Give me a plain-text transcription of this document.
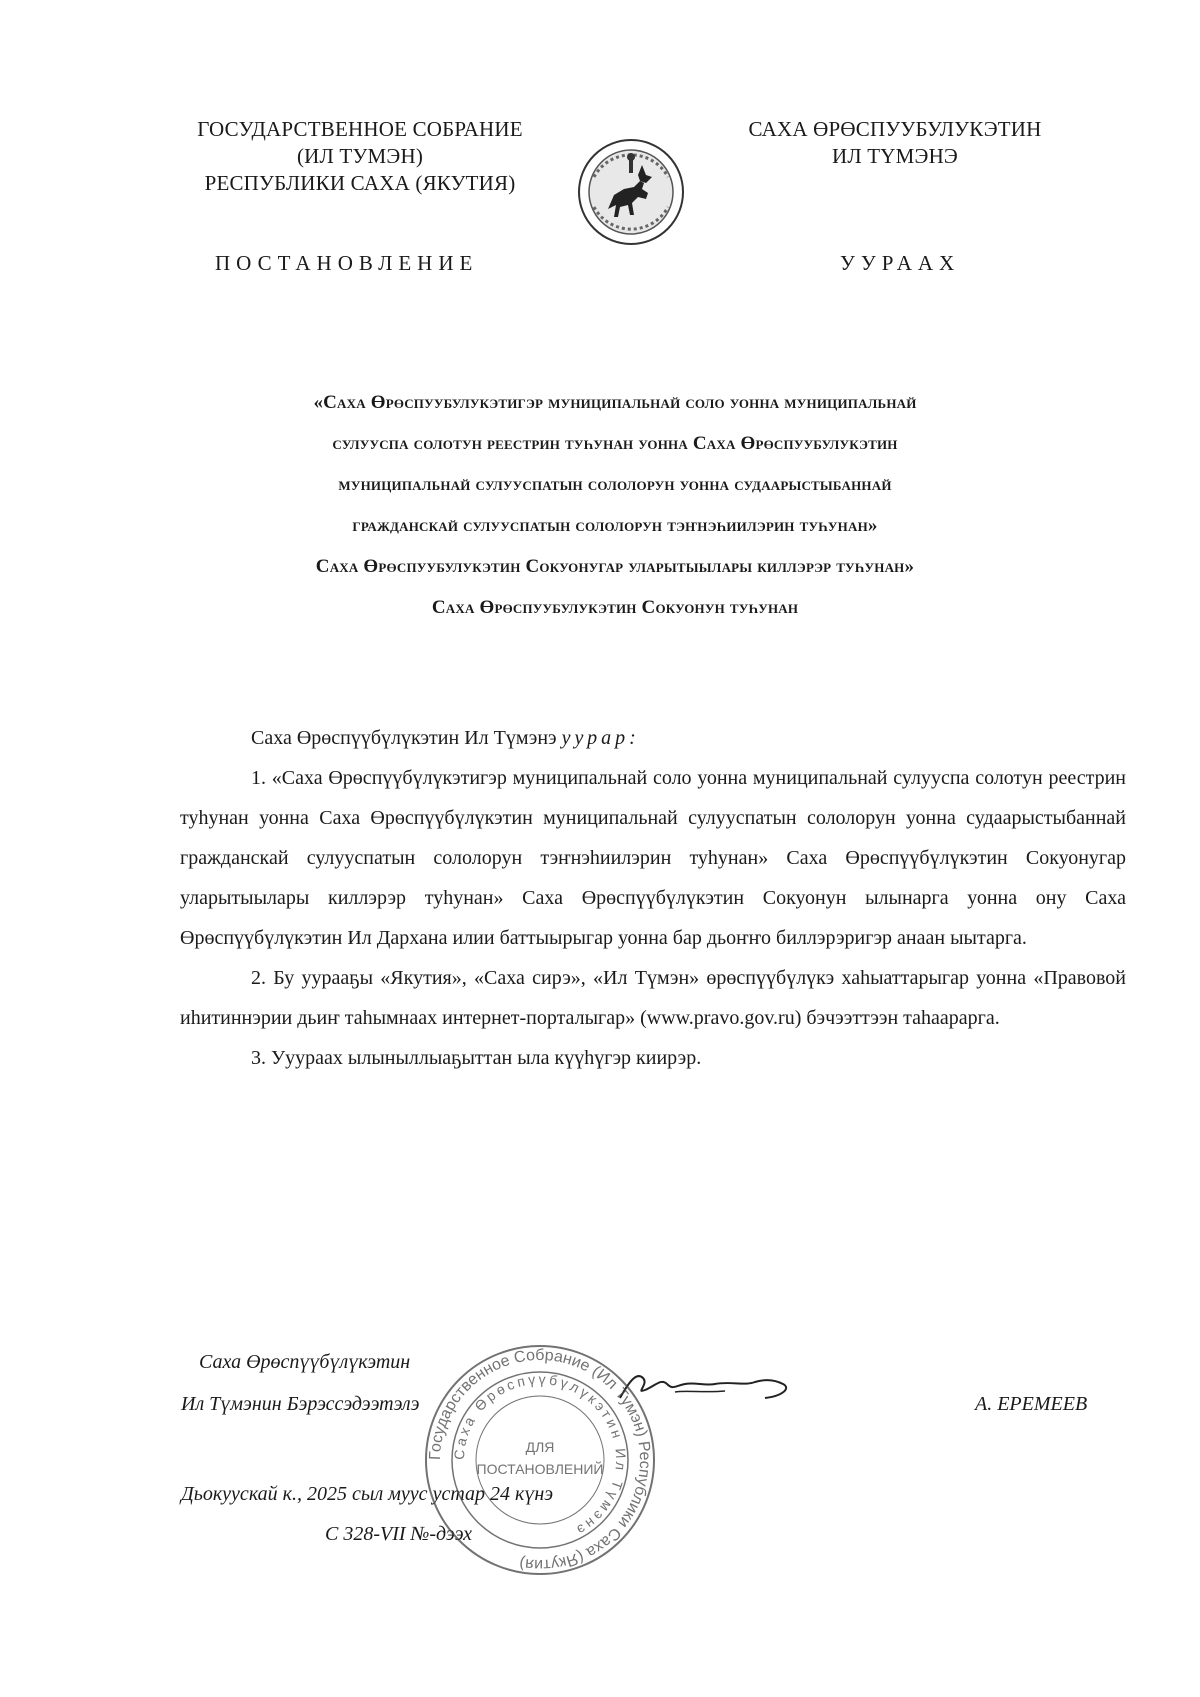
ГОСУДАРСТВЕННОЕ СОБРАНИЕ
(ИЛ ТУМЭН)
РЕСПУБЛИКИ САХА (ЯКУТИЯ)
САХА ӨРӨСПУУБУЛУКЭТИН
ИЛ ТҮМЭНЭ
ПОСТАНОВЛЕНИЕ	УУРААХ
«Саха Өрөспуубулукэтигэр муниципальнай соло уонна муниципальнай
сулууспа солотун реестрин туһунан уонна Саха Өрөспуубулукэтин
муниципальнай сулууспатын сололорун уонна судаарыстыбаннай
гражданскай сулууспатын сололорун тэҥнэһиилэрин туһунан»
Саха Өрөспуубулукэтин Сокуонугар уларытыылары киллэрэр туһунан»
Саха Өрөспуубулукэтин Сокуонун туһунан

Саха Өрөспүүбүлүкэтин Ил Түмэнэ уурар:

1. «Саха Өрөспүүбүлүкэтигэр муниципальнай соло уонна муниципальнай сулууспа солотун реестрин туһунан уонна Саха Өрөспүүбүлүкэтин муниципальнай сулууспатын сололорун уонна судаарыстыбаннай гражданскай сулууспатын сололорун тэҥнэһиилэрин туһунан» Саха Өрөспүүбүлүкэтин Сокуонугар уларытыылары киллэрэр туһунан» Саха Өрөспүүбүлүкэтин Сокуонун ылынарга уонна ону Саха Өрөспүүбүлүкэтин Ил Дархана илии баттыырыгар уонна бар дьоҥҥо биллэрэригэр анаан ыытарга.

2. Бу уурааҕы «Якутия», «Саха сирэ», «Ил Түмэн» өрөспүүбүлүкэ хаһыаттарыгар уонна «Правовой иһитиннэрии дьиҥ таһымнаах интернет-порталыгар» (www.pravo.gov.ru) бэчээттээн таһаарарга.

3. Ууураах ылыныллыаҕыттан ыла күүһүгэр киирэр.

Саха Өрөспүүбүлүкэтин
Ил Түмэнин Бэрэссэдээтэлэ	А. ЕРЕМЕЕВ
Дьокуускай к., 2025 сыл муус устар 24 күнэ
С 328-VII №-дээх
Государственное Собрание (Ил Тумэн) Республики Саха (Якутия)
Саха Өрөспүүбүлүкэтин Ил Түмэнэ
ДЛЯ
ПОСТАНОВЛЕНИЙ
